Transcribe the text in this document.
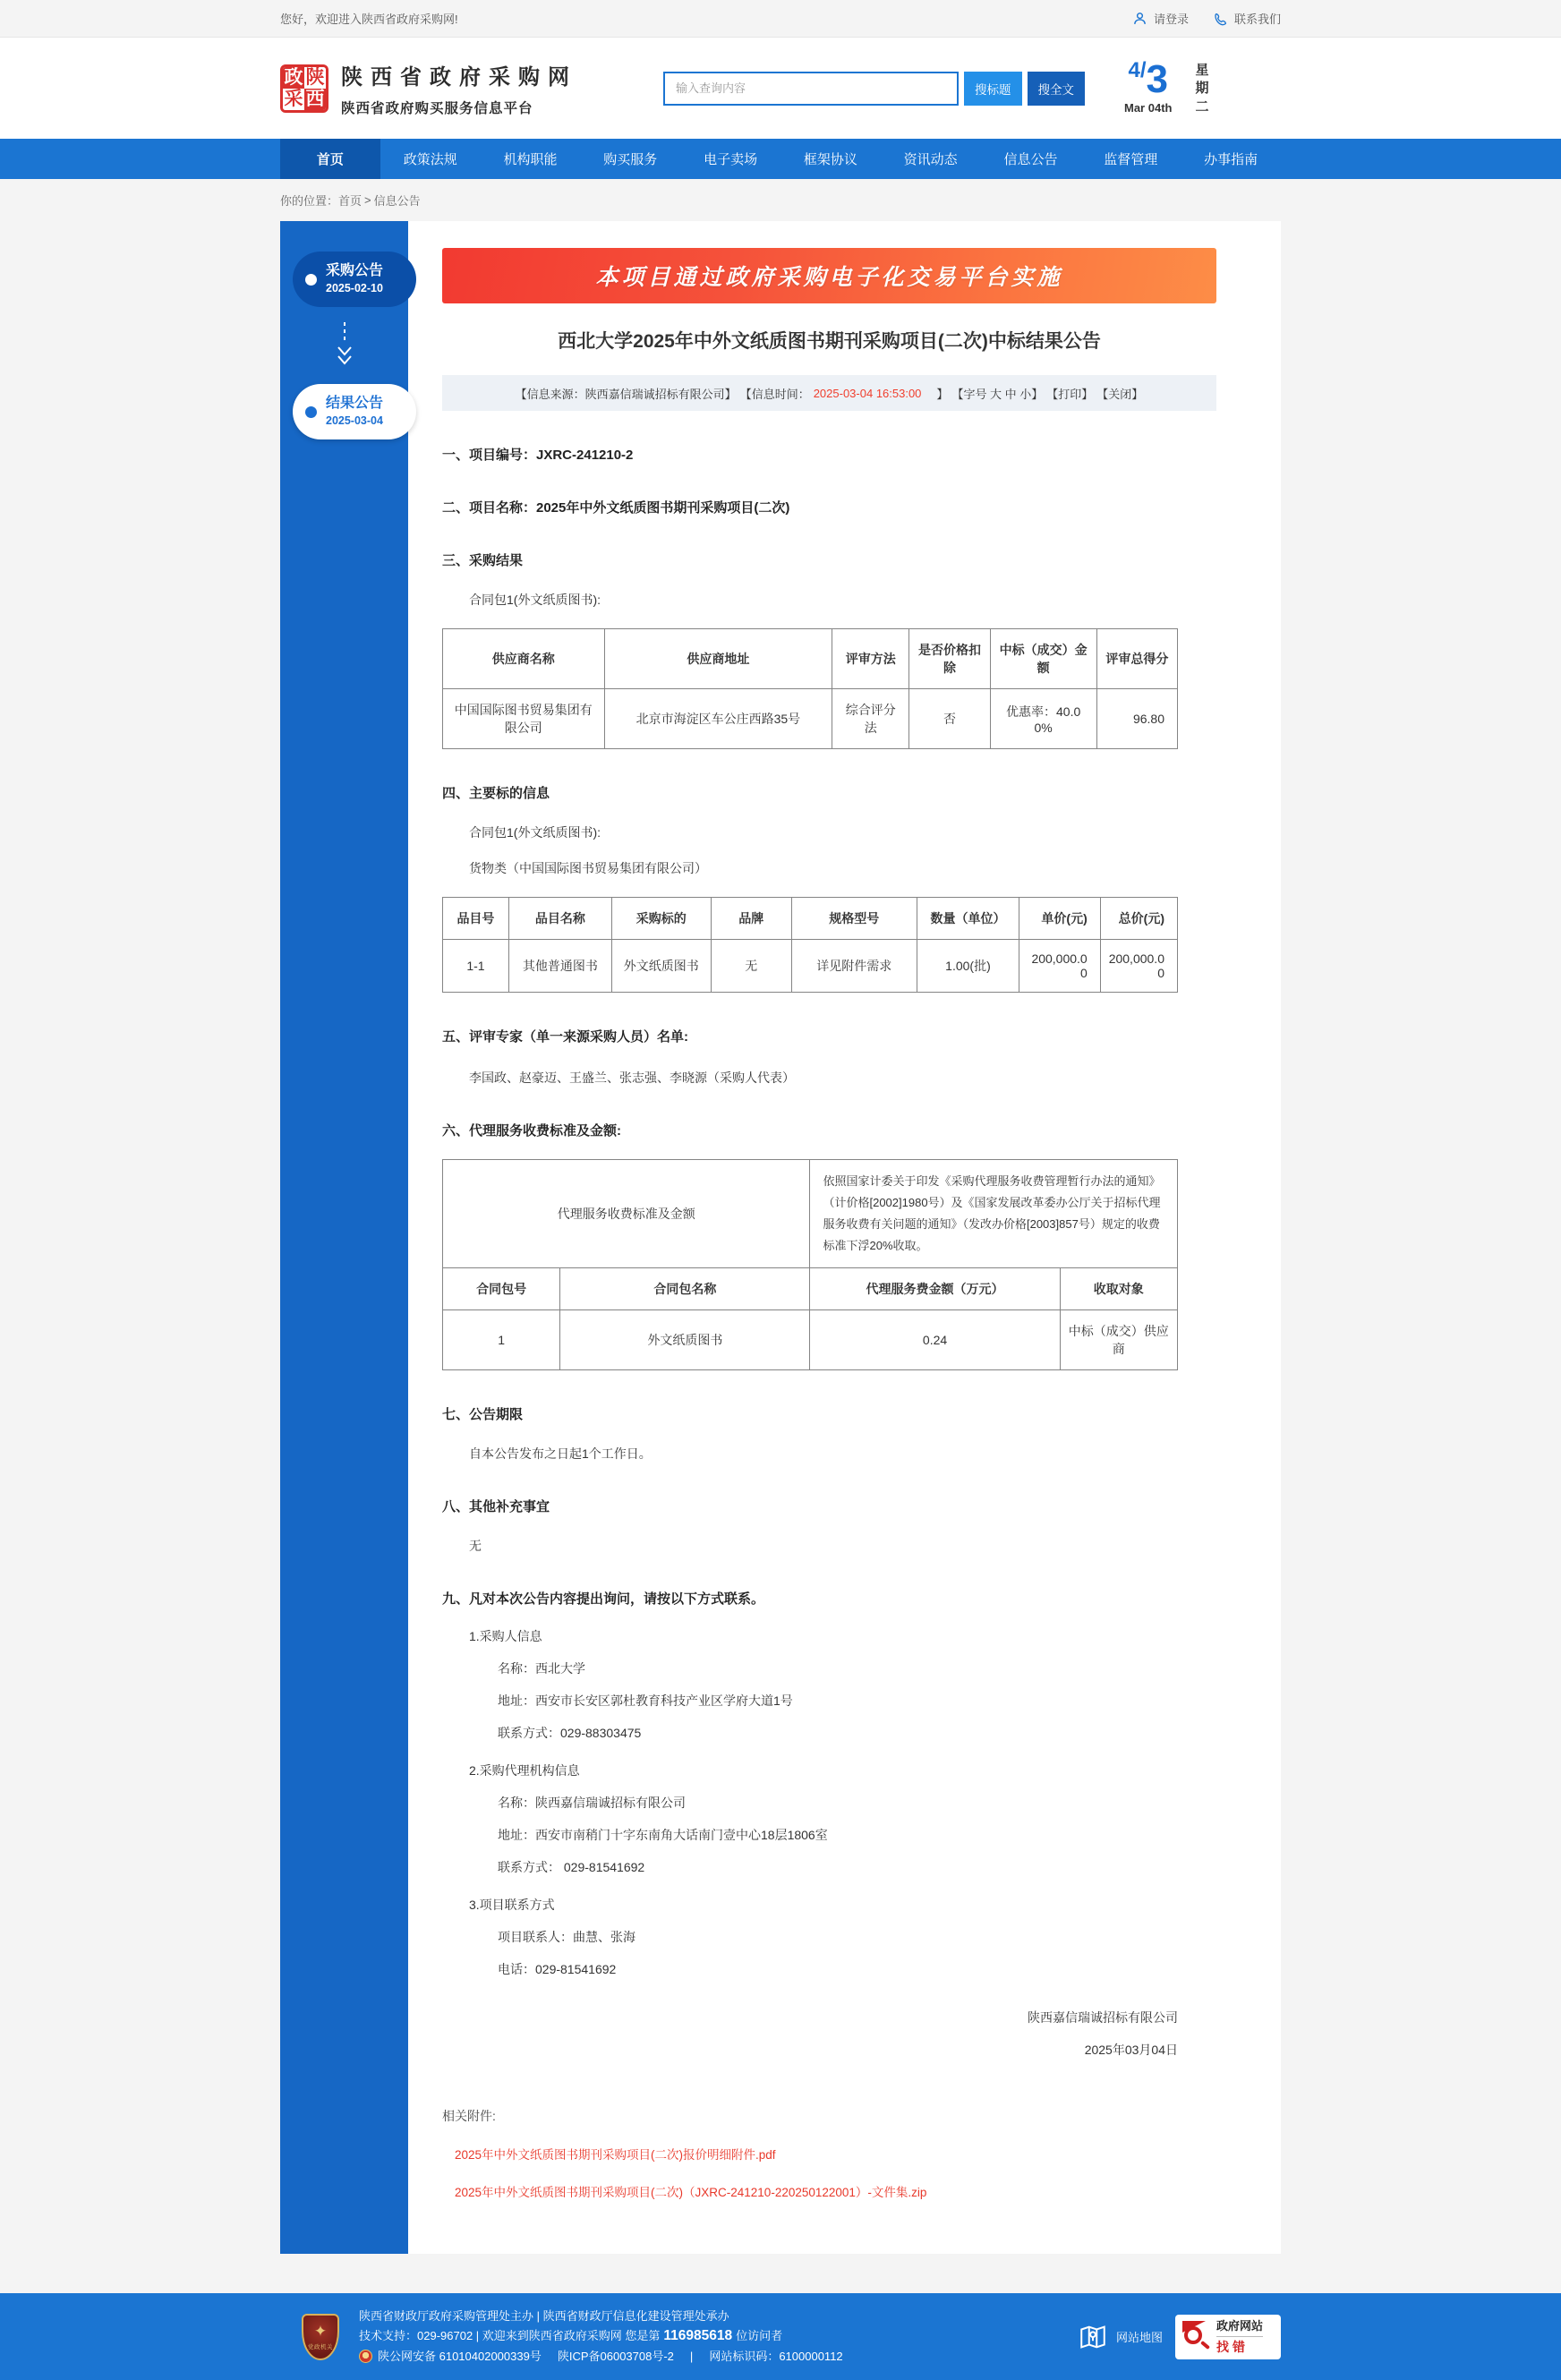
您好，欢迎进入陕西省政府采购网!	请登录	联系我们
政 陕
采 西
陕西省政府采购网
陕西省政府购买服务信息平台
输入查询内容
搜标题	搜全文
4/3
Mar 04th
星
期
二
首页	政策法规	机构职能	购买服务	电子卖场	框架协议	资讯动态	信息公告	监督管理	办事指南
你的位置： 首页 > 信息公告
采购公告
2025-02-10
结果公告
2025-03-04
本项目通过政府采购电子化交易平台实施
西北大学2025年中外文纸质图书期刊采购项目(二次)中标结果公告
【信息来源：陕西嘉信瑞诚招标有限公司】 【信息时间： 2025-03-04 16:53:00 　】 【字号 大 中 小】 【打印】 【关闭】
一、项目编号：JXRC-241210-2
二、项目名称：2025年中外文纸质图书期刊采购项目(二次)
三、采购结果
合同包1(外文纸质图书):
供应商名称	供应商地址	评审方法	是否价格扣除	中标（成交）金额	评审总得分
中国国际图书贸易集团有限公司	北京市海淀区车公庄西路35号	综合评分法	否	优惠率：40.00%	96.80
四、主要标的信息
合同包1(外文纸质图书):
货物类（中国国际图书贸易集团有限公司）
品目号	品目名称	采购标的	品牌	规格型号	数量（单位）	单价(元)	总价(元)
1-1	其他普通图书	外文纸质图书	无	详见附件需求	1.00(批)	200,000.00	200,000.00
五、评审专家（单一来源采购人员）名单:
李国政、赵豪迈、王盛兰、张志强、李晓源（采购人代表）
六、代理服务收费标准及金额:
代理服务收费标准及金额		依照国家计委关于印发《采购代理服务收费管理暂行办法的通知》（计价格[2002]1980号）及《国家发展改革委办公厅关于招标代理服务收费有关问题的通知》（发改办价格[2003]857号）规定的收费标准下浮20%收取。	
合同包号	合同包名称	代理服务费金额（万元）	收取对象
1	外文纸质图书	0.24	中标（成交）供应商
七、公告期限
自本公告发布之日起1个工作日。
八、其他补充事宜
无
九、凡对本次公告内容提出询问，请按以下方式联系。
1.采购人信息
名称：西北大学
地址：西安市长安区郭杜教育科技产业区学府大道1号
联系方式：029-88303475
2.采购代理机构信息
名称：陕西嘉信瑞诚招标有限公司
地址：西安市南稍门十字东南角大话南门壹中心18层1806室
联系方式： 029-81541692
3.项目联系方式
项目联系人：曲慧、张海
电话：029-81541692
陕西嘉信瑞诚招标有限公司
2025年03月04日
相关附件:
2025年中外文纸质图书期刊采购项目(二次)报价明细附件.pdf
2025年中外文纸质图书期刊采购项目(二次)（JXRC-241210-220250122001）-文件集.zip
✦
党政机关
陕西省财政厅政府采购管理处主办 | 陕西省财政厅信息化建设管理处承办
技术支持：029-96702 | 欢迎来到陕西省政府采购网 您是第 116985618 位访问者
陕公网安备 61010402000339号 陕ICP备06003708号-2 | 网站标识码：6100000112
网站地图
政府网站
找错
